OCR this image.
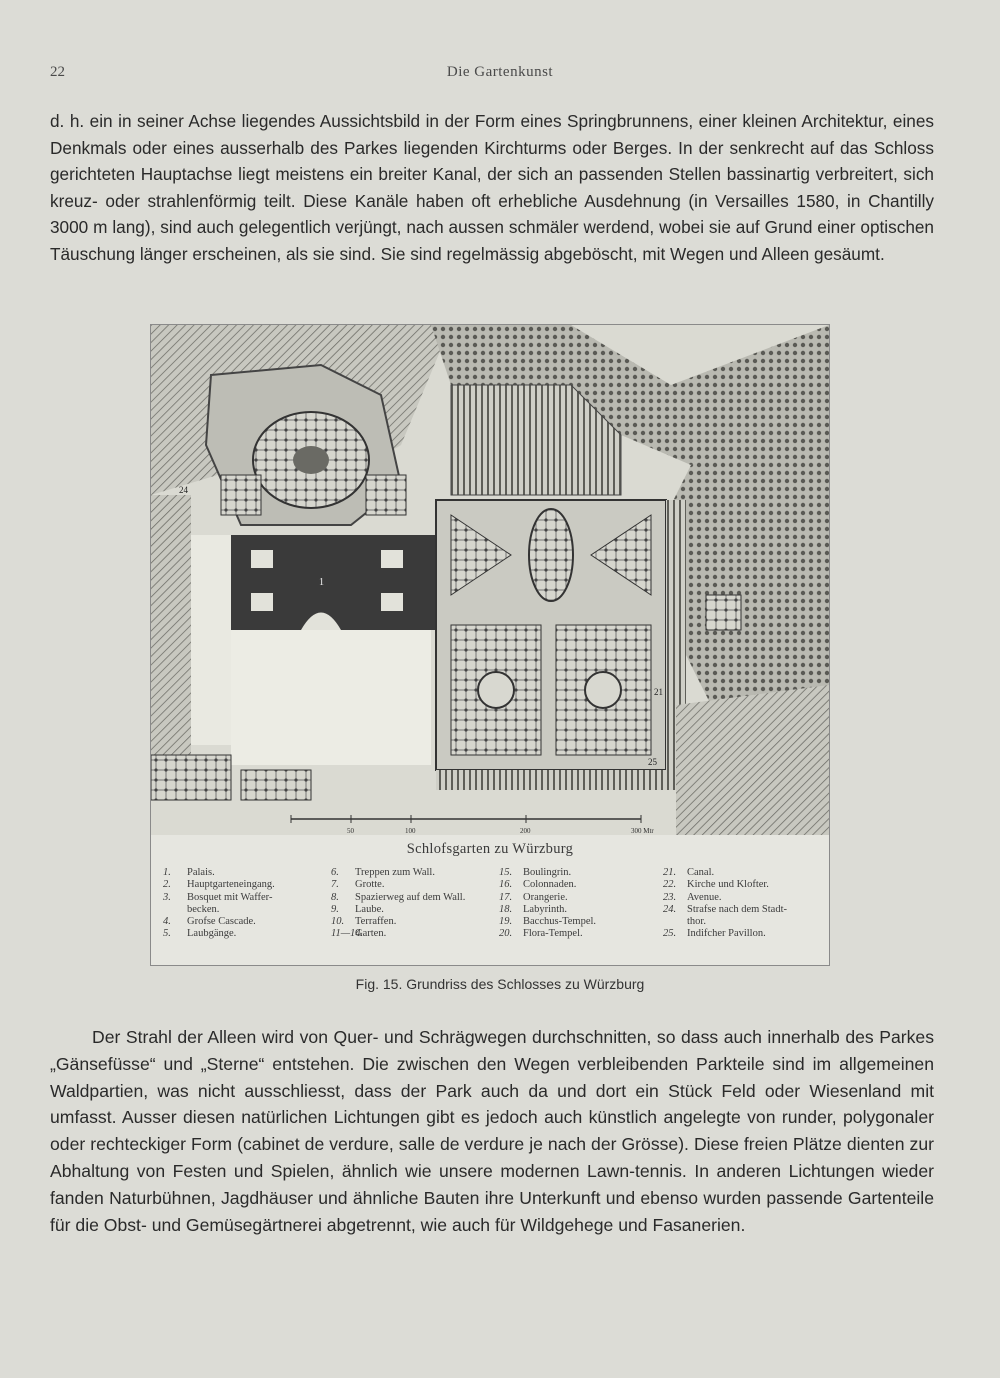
22	Die Gartenkunst

d. h. ein in seiner Achse liegendes Aussichtsbild in der Form eines Springbrunnens, einer kleinen Architektur, eines Denkmals oder eines ausserhalb des Parkes liegenden Kirchturms oder Berges. In der senkrecht auf das Schloss gerichteten Hauptachse liegt meistens ein breiter Kanal, der sich an passenden Stellen bassinartig verbreitert, sich kreuz- oder strahlenförmig teilt. Diese Kanäle haben oft erhebliche Ausdehnung (in Versailles 1580, in Chantilly 3000 m lang), sind auch gelegentlich verjüngt, nach aussen schmäler werdend, wobei sie auf Grund einer optischen Täuschung länger erscheinen, als sie sind. Sie sind regelmässig abgeböscht, mit Wegen und Alleen gesäumt.

1
24
21
25
50	100	200	300 Mtr
Schlofsgarten zu Würzburg
1. Palais.
2. Hauptgarteneingang.
3. Bosquet mit Waffer-
becken.
4. Grofse Cascade.
5. Laubgänge.
6. Treppen zum Wall.
7. Grotte.
8. Spazierweg auf dem Wall.
9. Laube.
10. Terraffen.
11—14.Garten.
15. Boulingrin.
16. Colonnaden.
17. Orangerie.
18. Labyrinth.
19. Bacchus-Tempel.
20. Flora-Tempel.
21. Canal.
22. Kirche und Klofter.
23. Avenue.
24. Strafse nach dem Stadt-
thor.
25. Indifcher Pavillon.
Fig. 15. Grundriss des Schlosses zu Würzburg

Der Strahl der Alleen wird von Quer- und Schrägwegen durchschnitten, so dass auch innerhalb des Parkes „Gänsefüsse“ und „Sterne“ entstehen. Die zwischen den Wegen verbleibenden Parkteile sind im allgemeinen Waldpartien, was nicht ausschliesst, dass der Park auch da und dort ein Stück Feld oder Wiesenland mit umfasst. Ausser diesen natürlichen Lichtungen gibt es jedoch auch künstlich angelegte von runder, polygonaler oder rechteckiger Form (cabinet de verdure, salle de verdure je nach der Grösse). Diese freien Plätze dienten zur Abhaltung von Festen und Spielen, ähnlich wie unsere modernen Lawn-tennis. In anderen Lichtungen wieder fanden Naturbühnen, Jagdhäuser und ähnliche Bauten ihre Unterkunft und ebenso wurden passende Gartenteile für die Obst- und Gemüsegärtnerei abgetrennt, wie auch für Wildgehege und Fasanerien.
